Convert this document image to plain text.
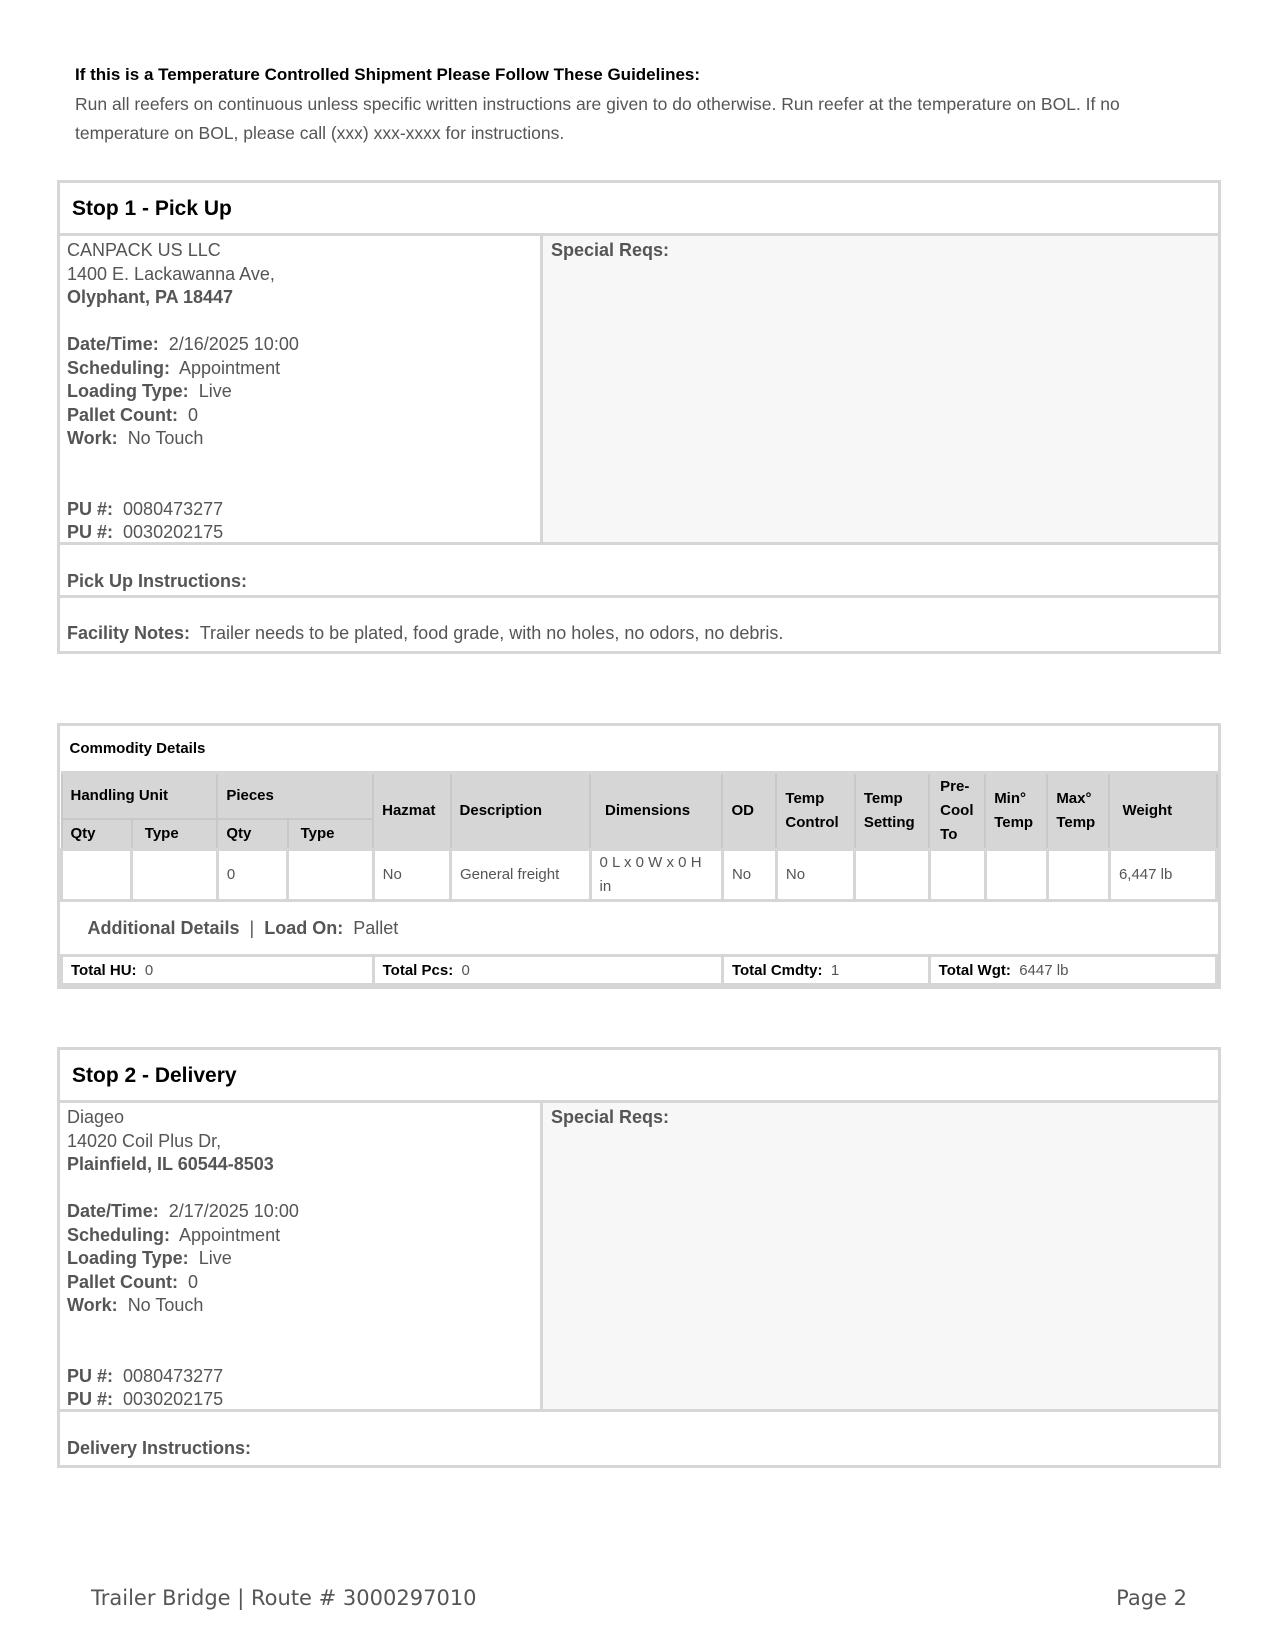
If this is a Temperature Controlled Shipment Please Follow These Guidelines:
Run all reefers on continuous unless specific written instructions are given to do otherwise. Run reefer at the temperature on BOL. If no temperature on BOL, please call (xxx) xxx-xxxx for instructions.
Stop 1 - Pick Up
CANPACK US LLC
1400 E. Lackawanna Ave,
Olyphant, PA 18447
Date/Time: 2/16/2025 10:00
Scheduling: Appointment
Loading Type: Live
Pallet Count: 0
Work: No Touch
PU #: 0080473277
PU #: 0030202175
Special Reqs:
Pick Up Instructions:
Facility Notes: Trailer needs to be plated, food grade, with no holes, no odors, no debris.
Commodity Details													
Handling Unit		Pieces		Hazmat	Description	Dimensions	OD	Temp Control	Temp Setting	Pre-Cool To	Min° Temp	Max° Temp	Weight
Qty	Type	Qty	Type										
		0		No	General freight	0 L x 0 W x 0 H in	No	No					6,447 lb
Additional Details  |  Load On: Pallet													
Total HU: 0				Total Pcs: 0			Total Cmdty: 1			Total Wgt: 6447 lb			
Stop 2 - Delivery
Diageo
14020 Coil Plus Dr,
Plainfield, IL 60544-8503
Date/Time: 2/17/2025 10:00
Scheduling: Appointment
Loading Type: Live
Pallet Count: 0
Work: No Touch
PU #: 0080473277
PU #: 0030202175
Special Reqs:
Delivery Instructions:
Trailer Bridge | Route # 3000297010	Page 2
